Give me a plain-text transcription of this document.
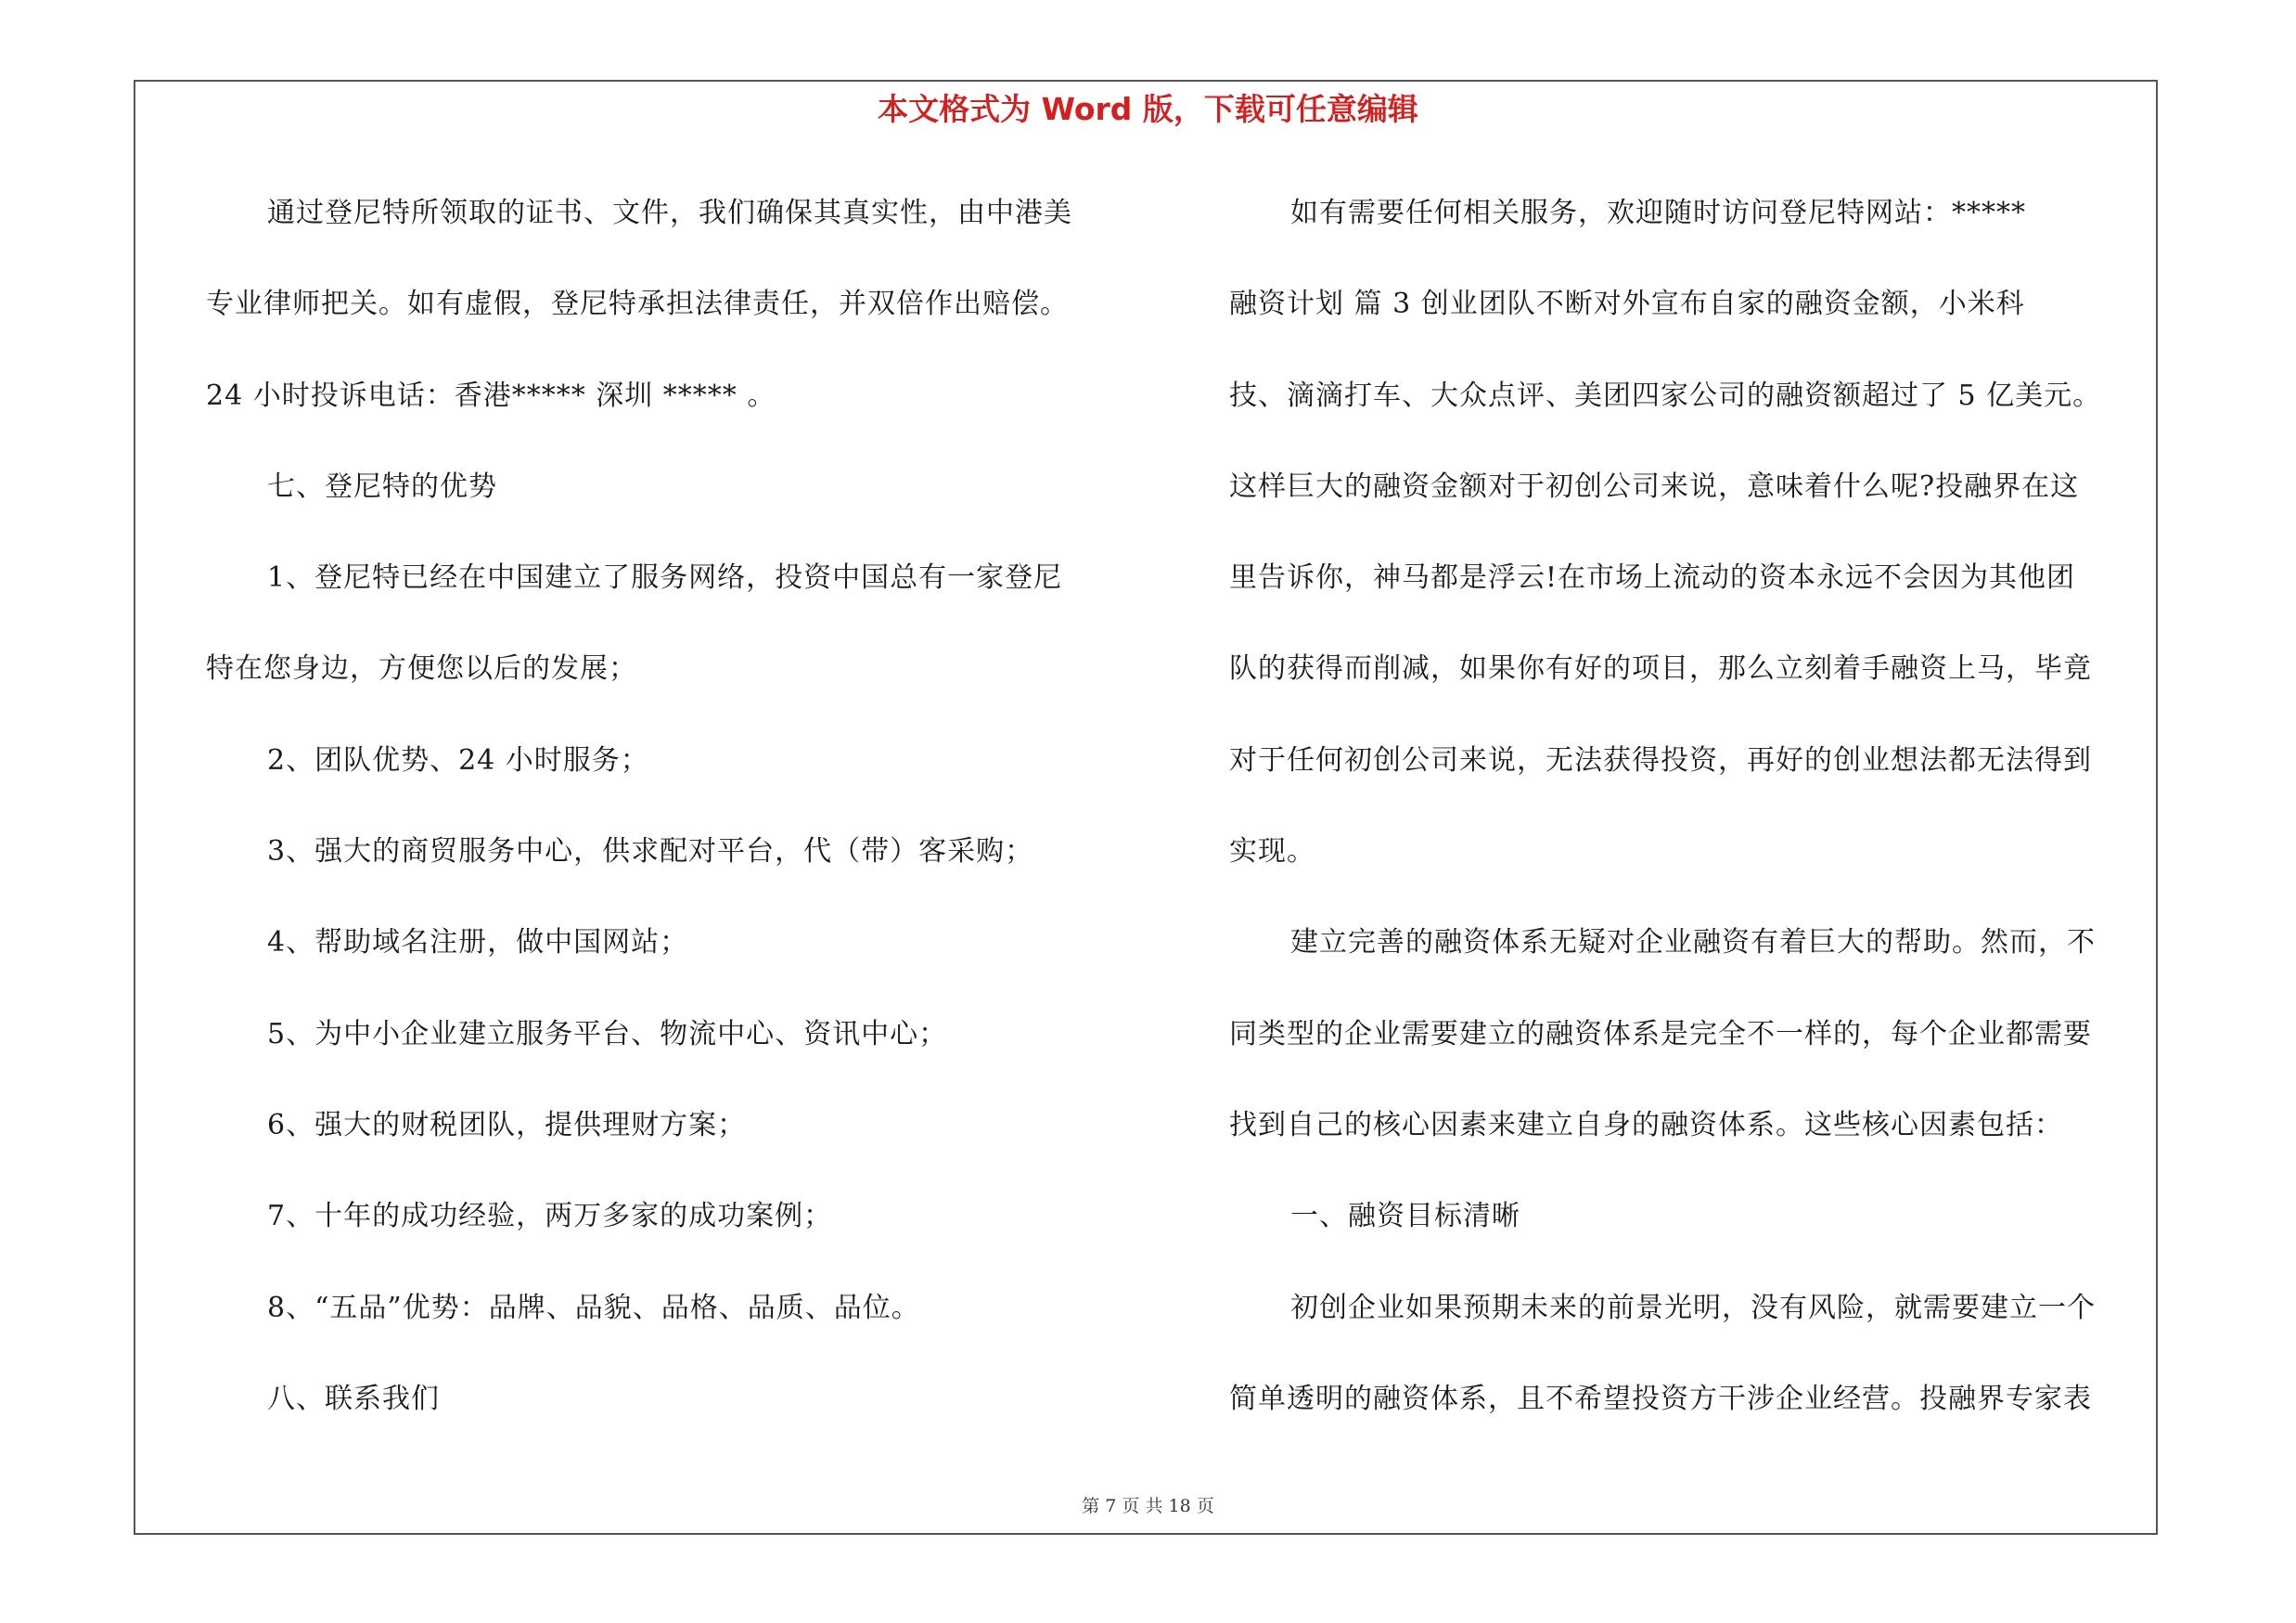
本文格式为 Word 版，下载可任意编辑
通过登尼特所领取的证书、文件，我们确保其真实性，由中港美
专业律师把关。如有虚假，登尼特承担法律责任，并双倍作出赔偿。
24 小时投诉电话：香港***** 深圳 ***** 。
七、登尼特的优势
1、登尼特已经在中国建立了服务网络，投资中国总有一家登尼
特在您身边，方便您以后的发展；
2、团队优势、24 小时服务；
3、强大的商贸服务中心，供求配对平台，代（带）客采购；
4、帮助域名注册，做中国网站；
5、为中小企业建立服务平台、物流中心、资讯中心；
6、强大的财税团队，提供理财方案；
7、十年的成功经验，两万多家的成功案例；
8、“五品”优势：品牌、品貌、品格、品质、品位。
八、联系我们
如有需要任何相关服务，欢迎随时访问登尼特网站：*****
融资计划 篇 3 创业团队不断对外宣布自家的融资金额，小米科
技、滴滴打车、大众点评、美团四家公司的融资额超过了 5 亿美元。
这样巨大的融资金额对于初创公司来说，意味着什么呢?投融界在这
里告诉你，神马都是浮云!在市场上流动的资本永远不会因为其他团
队的获得而削减，如果你有好的项目，那么立刻着手融资上马，毕竟
对于任何初创公司来说，无法获得投资，再好的创业想法都无法得到
实现。
建立完善的融资体系无疑对企业融资有着巨大的帮助。然而，不
同类型的企业需要建立的融资体系是完全不一样的，每个企业都需要
找到自己的核心因素来建立自身的融资体系。这些核心因素包括：
一、融资目标清晰
初创企业如果预期未来的前景光明，没有风险，就需要建立一个
简单透明的融资体系，且不希望投资方干涉企业经营。投融界专家表
第 7 页 共 18 页
